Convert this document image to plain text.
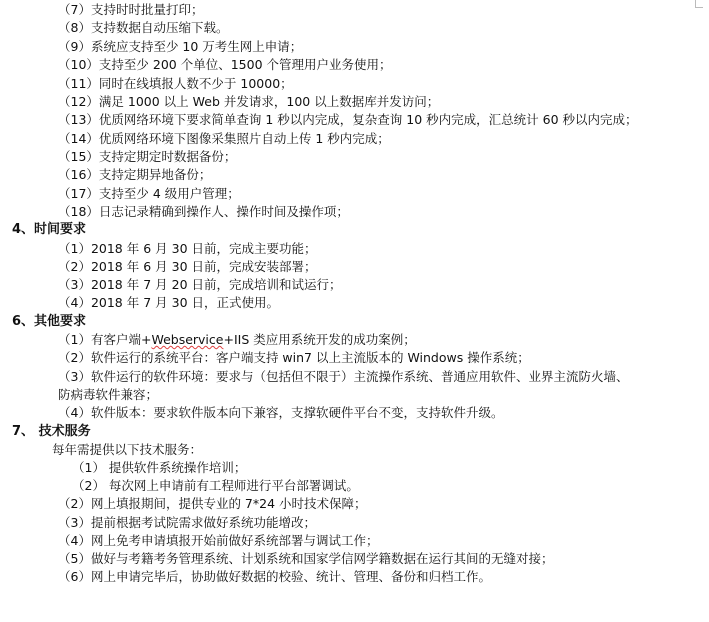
（7）支持时时批量打印；
（8）支持数据自动压缩下载。
（9）系统应支持至少 10 万考生网上申请；
（10）支持至少 200 个单位、1500 个管理用户业务使用；
（11）同时在线填报人数不少于 10000；
（12）满足 1000 以上 Web 并发请求，100 以上数据库并发访问；
（13）优质网络环境下要求简单查询 1 秒以内完成，复杂查询 10 秒内完成，汇总统计 60 秒以内完成；
（14）优质网络环境下图像采集照片自动上传 1 秒内完成；
（15）支持定期定时数据备份；
（16）支持定期异地备份；
（17）支持至少 4 级用户管理；
（18）日志记录精确到操作人、操作时间及操作项；
4、时间要求
（1）2018 年 6 月 30 日前，完成主要功能；
（2）2018 年 6 月 30 日前，完成安装部署；
（3）2018 年 7 月 20 日前，完成培训和试运行；
（4）2018 年 7 月 30 日，正式使用。
6、其他要求
（1）有客户端+Webservice+IIS 类应用系统开发的成功案例；
（2）软件运行的系统平台：客户端支持 win7 以上主流版本的 Windows 操作系统；
（3）软件运行的软件环境：要求与（包括但不限于）主流操作系统、普通应用软件、业界主流防火墙、
防病毒软件兼容；
（4）软件版本：要求软件版本向下兼容，支撑软硬件平台不变，支持软件升级。
7、 技术服务
每年需提供以下技术服务：
（1） 提供软件系统操作培训；
（2） 每次网上申请前有工程师进行平台部署调试。
（2）网上填报期间，提供专业的 7*24 小时技术保障；
（3）提前根据考试院需求做好系统功能增改；
（4）网上免考申请填报开始前做好系统部署与调试工作；
（5）做好与考籍考务管理系统、计划系统和国家学信网学籍数据在运行其间的无缝对接；
（6）网上申请完毕后，协助做好数据的校验、统计、管理、备份和归档工作。
